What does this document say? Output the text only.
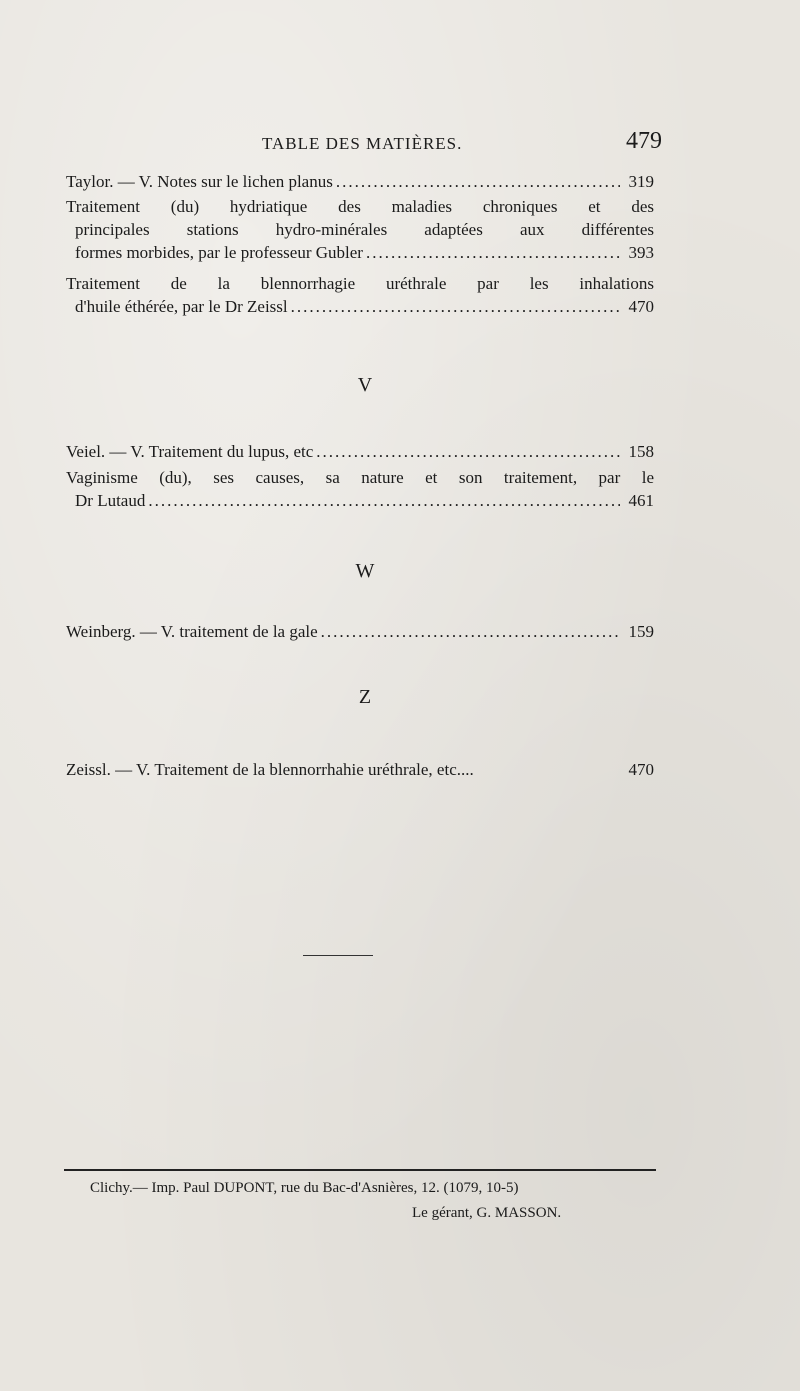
TABLE DES MATIÈRES.	479
Taylor. — V. Notes sur le lichen planus .....	319
Traitement (du) hydriatique des maladies chroniques et des
principales stations hydro-minérales adaptées aux différentes
formes morbides, par le professeur Gubler .....	393
Traitement de la blennorrhagie uréthrale par les inhalations
d'huile éthérée, par le Dr Zeissl .....	470
V
Veiel. — V. Traitement du lupus, etc .....	158
Vaginisme (du), ses causes, sa nature et son traitement, par le
Dr Lutaud .....	461
W
Weinberg. — V. traitement de la gale .....	159
Z
Zeissl. — V. Traitement de la blennorrhahie uréthrale, etc....	470
Clichy.— Imp. Paul DUPONT, rue du Bac-d'Asnières, 12. (1079, 10-5)
Le gérant, G. MASSON.
